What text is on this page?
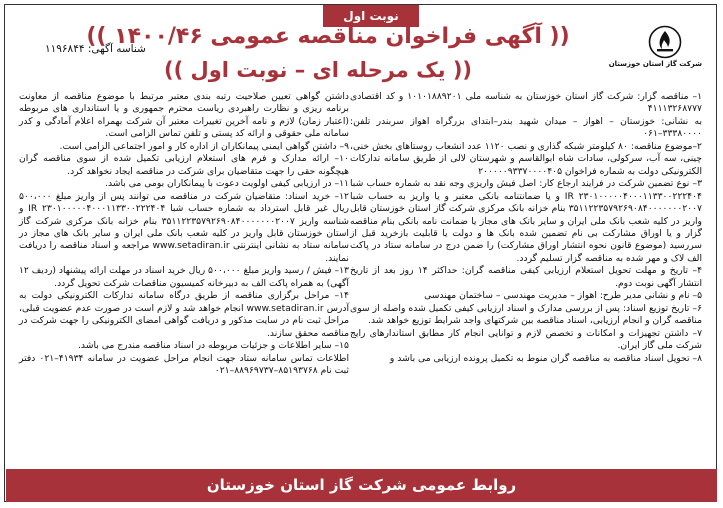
نوبت اول
شرکت گاز استان خوزستان
(( آگهی فراخوان مناقصه عمومی ۱۴۰۰/۴۶ ))
(( یک مرحله ای – نوبت اول ))
شناسه آگهی: ۱۱۹۶۸۴۴

۱– مناقصه گزار: شرکت گاز استان خوزستان به شناسه ملی ۱۰۱۰۱۸۸۹۲۰۱ و کد اقتصادی ۴۱۱۱۳۲۶۸۷۷۷

به نشانی: خوزستان – اهواز – میدان شهید بندر–ابتدای بزرگراه اهواز سربندر تلفن: ۳۳۳۸۰۰۰۰–۰۶۱

۲–موضوع مناقصه: ۸۰ کیلومتر شبکه گذاری و نصب ۱۱۲۰ عدد انشعاب روستاهای بخش خنی، چینی، سه آب، سرکولی، سادات شاه ابوالقاسم و شهرستان لالی از طریق سامانه تدارکات الکترونیکی دولت به شماره فراخوان ۲۰۰۰۰۰۹۳۳۷۰۰۰۰۴۰۵

۳– نوع تضمین شرکت در فرایند ارجاع کار: اصل فیش واریزی وجه نقد به شماره حساب شبا IR ۲۳۰۱۰۰۰۰۰۴۰۰۰۱۱۳۳۰۰۲۲۲۴۰۴ و یا ضمانتنامه بانکی معتبر و یا واریز به حساب شبا ۳۵۱۱۲۲۳۵۷۹۲۶۹۰۸۴۰۰۰۰۰۰۰۲۰۰۷ بنام خزانه بانک مرکزی شرکت گاز استان خوزستان قابل واریز در کلیه شعب بانک ملی ایران و سایر بانک های مجاز یا ضمانت نامه بانکی بنام مناقصه گزار و یا اوراق مشارکت بی نام تضمین شده بانک ها و دولت یا قابلیت بازخرید قبل از سررسید (موضوع قانون نحوه انتشار اوراق مشارکت) را ضمن درج در سامانه ستاد در پاکت الف لاک و مهر شده به مناقصه گزار تسلیم گردد.

۴– تاریخ و مهلت تحویل استعلام ارزیابی کیفی مناقصه گران: حداکثر ۱۴ روز بعد از تاریخ انتشار آگهی نوبت دوم.

۵– نام و نشانی مدیر طرح: اهواز – مدیریت مهندسی – ساختمان مهندسی

۶– تاریخ توزیع اسناد: پس از بررسی مدارک و اسناد ارزیابی کیفی تکمیل شده واصله از سوی مناقصه گران و انجام ارزیابی، اسناد مناقصه بین شرکتهای واجد شرایط توزیع خواهد شد.

۷– داشتن تجهیزات و امکانات و تخصص لازم و توانایی انجام کار مطابق استاندارهای رایج شرکت ملی گاز ایران.

۸– تحویل اسناد مناقصه به مناقصه گران منوط به تکمیل پرونده ارزیابی می باشد و

داشتن گواهی تعیین صلاحیت رتبه بندی معتبر مرتبط با موضوع مناقصه از معاونت برنامه ریزی و نظارت راهبردی ریاست محترم جمهوری و یا استانداری های مربوطه (اعتبار زمان) لازم و نامه آخرین تغییرات معتبر آن شرکت بهمراه اعلام آمادگی و کدر سامانه ملی حقوقی و ارائه کد پستی و تلفن تماس الزامی است.

۹– داشتن گواهی ایمنی پیمانکاران از اداره کار و امور اجتماعی الزامی است.

۱۰– ارائه مدارک و فرم های استعلام ارزیابی تکمیل شده از سوی مناقصه گران هیچگونه حقی را جهت متقاضیان برای شرکت در مناقصه ایجاد نخواهد کرد.

۱۱– در ارزیابی کیفی اولویت دعوت با پیمانکاران بومی می باشد.

۱۲– خرید اسناد: متقاضیان شرکت در مناقصه می توانند پس از واریز مبلغ ۵۰۰،۰۰۰ ریال غیر قابل استرداد به شماره حساب شبا IR ۲۳۰۱۰۰۰۰۰۴۰۰۰۱۱۳۳۰۰۲۲۲۴۰۴ و شناسه واریز ۳۵۱۱۲۲۳۵۷۹۲۶۹۰۸۴۰۰۰۰۰۰۰۲۰۰۷ بنام خزانه بانک مرکزی شرکت گاز استان خوزستان قابل واریز در کلیه شعب بانک ملی ایران و سایر بانک های مجاز در سامانه ستاد به نشانی اینترنتی www.setadiran.ir مراجعه و اسناد مناقصه را دریافت نمایند.

۱۳– فیش / رسید واریز مبلغ ۵۰۰،۰۰۰ ریال خرید اسناد در مهلت ارائه پیشنهاد (ردیف ۱۲ آگهی) به همراه پاکت الف به دبیرخانه کمیسیون مناقصات شرکت تحویل گردد.

۱۴– مراحل برگزاری مناقصه از طریق درگاه سامانه تدارکات الکترونیکی دولت به آدرس www.setadiran.ir انجام خواهد شد و لازم است در صورت عدم عضویت قبلی، مراحل ثبت نام در سایت مذکور و دریافت گواهی امضای الکترونیکی را جهت شرکت در مناقصه محقق سازند.

۱۵– سایر اطلاعات و جزئیات مربوطه در اسناد مناقصه مندرج می باشد.

اطلاعات تماس سامانه ستاد جهت انجام مراحل عضویت در سامانه ۴۱۹۳۴–۰۲۱ دفتر ثبت نام ۸۵۱۹۳۷۶۸–۸۸۹۶۹۷۳۷–۰۲۱

روابط عمومی شرکت گاز استان خوزستان
